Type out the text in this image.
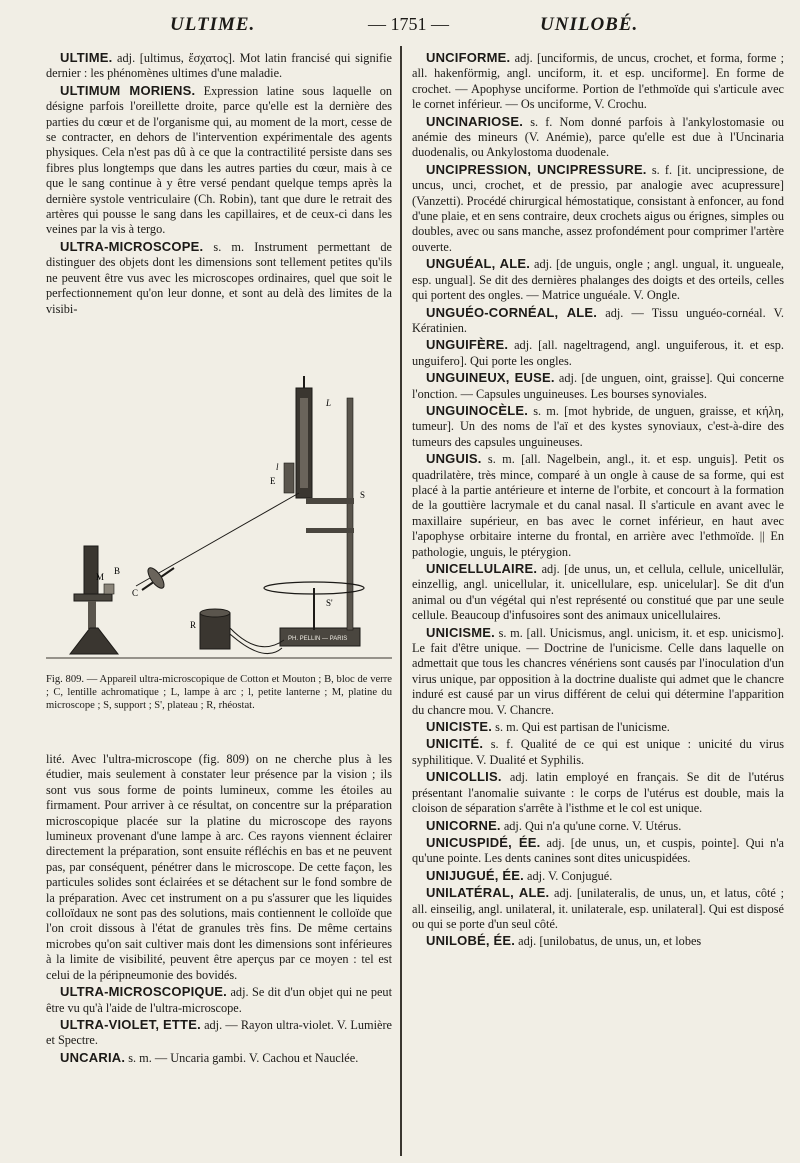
ULTIME.	— 1751 —	UNILOBÉ.

ULTIME. adj. [ultimus, ἔσχατος]. Mot latin francisé qui signifie dernier : les phénomènes ultimes d'une maladie.

ULTIMUM MORIENS. Expression latine sous laquelle on désigne parfois l'oreillette droite, parce qu'elle est la dernière des parties du cœur et de l'organisme qui, au moment de la mort, cesse de se contracter, en dehors de l'intervention expérimentale des agents physiques. Cela n'est pas dû à ce que la contractilité persiste dans ses fibres plus longtemps que dans les autres parties du cœur, mais à ce que le sang continue à y être versé pendant quelque temps après la dernière systole ventriculaire (Ch. Robin), tant que dure le retrait des artères qui pousse le sang dans les capillaires, et de ceux-ci dans les veines par la vis à tergo.

ULTRA-MICROSCOPE. s. m. Instrument permettant de distinguer des objets dont les dimensions sont tellement petites qu'ils ne peuvent être vus avec les microscopes ordinaires, quel que soit le perfectionnement qu'on leur donne, et sont au delà des limites de la visibi-

PH. PELLIN — PARIS
L
l
E
S
S'
M
C
B
R
Fig. 809. — Appareil ultra-microscopique de Cotton et Mouton ; B, bloc de verre ; C, lentille achromatique ; L, lampe à arc ; l, petite lanterne ; M, platine du microscope ; S, support ; S', plateau ; R, rhéostat.

lité. Avec l'ultra-microscope (fig. 809) on ne cherche plus à les étudier, mais seulement à constater leur présence par la vision ; ils sont vus sous forme de points lumineux, comme les étoiles au firmament. Pour arriver à ce résultat, on concentre sur la préparation microscopique placée sur la platine du microscope des rayons lumineux provenant d'une lampe à arc. Ces rayons viennent éclairer directement la préparation, sont ensuite réfléchis en bas et ne peuvent pas, par conséquent, pénétrer dans le microscope. De cette façon, les particules solides sont éclairées et se détachent sur le fond sombre de la préparation. Avec cet instrument on a pu s'assurer que les liquides colloïdaux ne sont pas des solutions, mais contiennent le colloïde que l'on croit dissous à l'état de granules très fins. De même certains microbes qu'on sait cultiver mais dont les dimensions sont inférieures à la limite de visibilité, peuvent être aperçus par ce moyen : tel est celui de la péripneumonie des bovidés.

ULTRA-MICROSCOPIQUE. adj. Se dit d'un objet qui ne peut être vu qu'à l'aide de l'ultra-microscope.

ULTRA-VIOLET, ETTE. adj. — Rayon ultra-violet. V. Lumière et Spectre.

UNCARIA. s. m. — Uncaria gambi. V. Cachou et Nauclée.

UNCIFORME. adj. [unciformis, de uncus, crochet, et forma, forme ; all. hakenförmig, angl. unciform, it. et esp. unciforme]. En forme de crochet. — Apophyse unciforme. Portion de l'ethmoïde qui s'articule avec le cornet inférieur. — Os unciforme, V. Crochu.

UNCINARIOSE. s. f. Nom donné parfois à l'ankylostomasie ou anémie des mineurs (V. Anémie), parce qu'elle est due à l'Uncinaria duodenalis, ou Ankylostoma duodenale.

UNCIPRESSION, UNCIPRESSURE. s. f. [it. uncipressione, de uncus, unci, crochet, et de pressio, par analogie avec acupressure] (Vanzetti). Procédé chirurgical hémostatique, consistant à enfoncer, au fond d'une plaie, et en sens contraire, deux crochets aigus ou érignes, simples ou doubles, avec ou sans manche, assez profondément pour comprimer l'artère ouverte.

UNGUÉAL, ALE. adj. [de unguis, ongle ; angl. ungual, it. ungueale, esp. ungual]. Se dit des dernières phalanges des doigts et des orteils, celles qui portent des ongles. — Matrice unguéale. V. Ongle.

UNGUÉO-CORNÉAL, ALE. adj. — Tissu unguéo-cornéal. V. Kératinien.

UNGUIFÈRE. adj. [all. nageltragend, angl. unguiferous, it. et esp. unguifero]. Qui porte les ongles.

UNGUINEUX, EUSE. adj. [de unguen, oint, graisse]. Qui concerne l'onction. — Capsules unguineuses. Les bourses synoviales.

UNGUINOCÈLE. s. m. [mot hybride, de unguen, graisse, et κήλη, tumeur]. Un des noms de l'aï et des kystes synoviaux, c'est-à-dire des tumeurs des capsules unguineuses.

UNGUIS. s. m. [all. Nagelbein, angl., it. et esp. unguis]. Petit os quadrilatère, très mince, comparé à un ongle à cause de sa forme, qui est placé à la partie antérieure et interne de l'orbite, et concourt à la formation de la gouttière lacrymale et du canal nasal. Il s'articule en avant avec le maxillaire supérieur, en bas avec le cornet inférieur, en haut avec l'apophyse orbitaire interne du frontal, en arrière avec l'ethmoïde. || En pathologie, unguis, le ptérygion.

UNICELLULAIRE. adj. [de unus, un, et cellula, cellule, unicellulär, einzellig, angl. unicellular, it. unicellulare, esp. unicelular]. Se dit d'un animal ou d'un végétal qui n'est représenté ou constitué que par une seule cellule. Beaucoup d'infusoires sont des animaux unicellulaires.

UNICISME. s. m. [all. Unicismus, angl. unicism, it. et esp. unicismo]. Le fait d'être unique. — Doctrine de l'unicisme. Celle dans laquelle on admettait que tous les chancres vénériens sont causés par l'inoculation d'un virus unique, par opposition à la doctrine dualiste qui admet que le chancre induré est causé par un virus différent de celui qui détermine l'apparition du chancre mou. V. Chancre.

UNICISTE. s. m. Qui est partisan de l'unicisme.

UNICITÉ. s. f. Qualité de ce qui est unique : unicité du virus syphilitique. V. Dualité et Syphilis.

UNICOLLIS. adj. latin employé en français. Se dit de l'utérus présentant l'anomalie suivante : le corps de l'utérus est double, mais la cloison de séparation s'arrête à l'isthme et le col est unique.

UNICORNE. adj. Qui n'a qu'une corne. V. Utérus.

UNICUSPIDÉ, ÉE. adj. [de unus, un, et cuspis, pointe]. Qui n'a qu'une pointe. Les dents canines sont dites unicuspidées.

UNIJUGUÉ, ÉE. adj. V. Conjugué.

UNILATÉRAL, ALE. adj. [unilateralis, de unus, un, et latus, côté ; all. einseilig, angl. unilateral, it. unilaterale, esp. unilateral]. Qui est disposé ou qui se porte d'un seul côté.

UNILOBÉ, ÉE. adj. [unilobatus, de unus, un, et lobes
